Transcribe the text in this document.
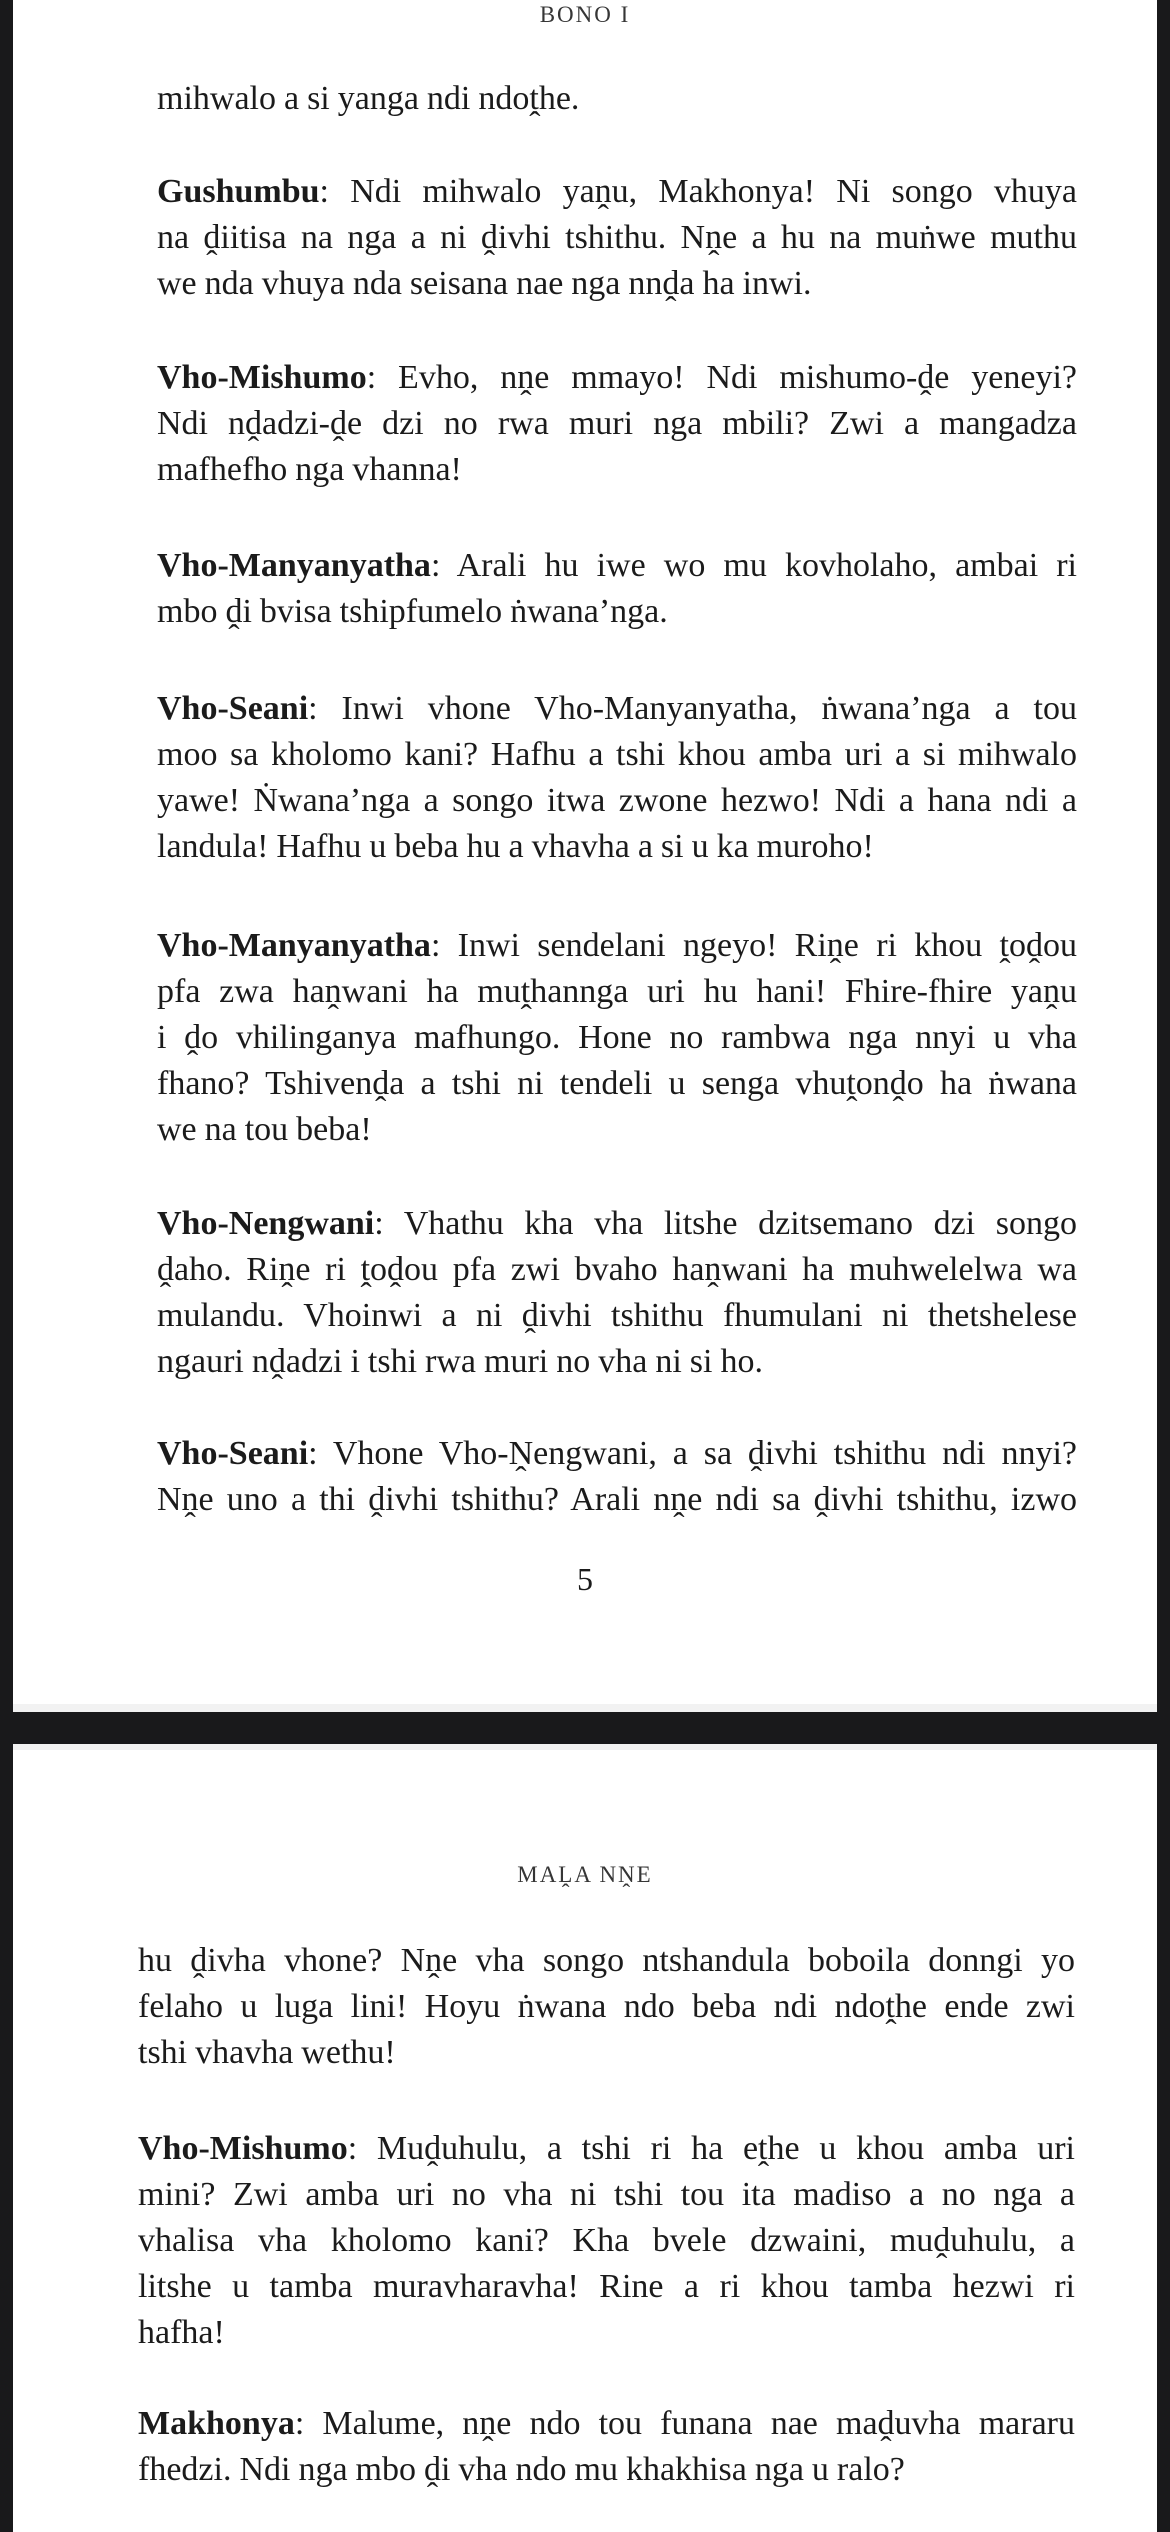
BONO I
mihwalo a si yanga ndi ndoṱhe.
Gushumbu: Ndi mihwalo yaṋu, Makhonya! Ni songo vhuya
na ḓiitisa na nga a ni ḓivhi tshithu. Nṋe a hu na muṅwe muthu
we nda vhuya nda seisana nae nga nnḓa ha inwi.
Vho-Mishumo: Evho, nṋe mmayo! Ndi mishumo-ḓe yeneyi?
Ndi nḓadzi-ḓe dzi no rwa muri nga mbili? Zwi a mangadza
mafhefho nga vhanna!
Vho-Manyanyatha: Arali hu iwe wo mu kovholaho, ambai ri
mbo ḓi bvisa tshipfumelo ṅwana’nga.
Vho-Seani: Inwi vhone Vho-Manyanyatha, ṅwana’nga a tou
moo sa kholomo kani? Hafhu a tshi khou amba uri a si mihwalo
yawe! Ṅwana’nga a songo itwa zwone hezwo! Ndi a hana ndi a
landula! Hafhu u beba hu a vhavha a si u ka muroho!
Vho-Manyanyatha: Inwi sendelani ngeyo! Riṋe ri khou ṱoḓou
pfa zwa haṋwani ha muṱhannga uri hu hani! Fhire-fhire yaṋu
i ḓo vhilinganya mafhungo. Hone no rambwa nga nnyi u vha
fhano? Tshivenḓa a tshi ni tendeli u senga vhuṱonḓo ha ṅwana
we na tou beba!
Vho-Nengwani: Vhathu kha vha litshe dzitsemano dzi songo
ḓaho. Riṋe ri ṱoḓou pfa zwi bvaho haṋwani ha muhwelelwa wa
mulandu. Vhoinwi a ni ḓivhi tshithu fhumulani ni thetshelese
ngauri nḓadzi i tshi rwa muri no vha ni si ho.
Vho-Seani: Vhone Vho-Ṋengwani, a sa ḓivhi tshithu ndi nnyi?
Nṋe uno a thi ḓivhi tshithu? Arali nṋe ndi sa ḓivhi tshithu, izwo
5
MAḼA NṊE
hu ḓivha vhone? Nṋe vha songo ntshandula boboila donngi yo
felaho u luga lini! Hoyu ṅwana ndo beba ndi ndoṱhe ende zwi
tshi vhavha wethu!
Vho-Mishumo: Muḓuhulu, a tshi ri ha eṱhe u khou amba uri
mini? Zwi amba uri no vha ni tshi tou ita madiso a no nga a
vhalisa vha kholomo kani? Kha bvele dzwaini, muḓuhulu, a
litshe u tamba muravharavha! Rine a ri khou tamba hezwi ri
hafha!
Makhonya: Malume, nṋe ndo tou funana nae maḓuvha mararu
fhedzi. Ndi nga mbo ḓi vha ndo mu khakhisa nga u ralo?
